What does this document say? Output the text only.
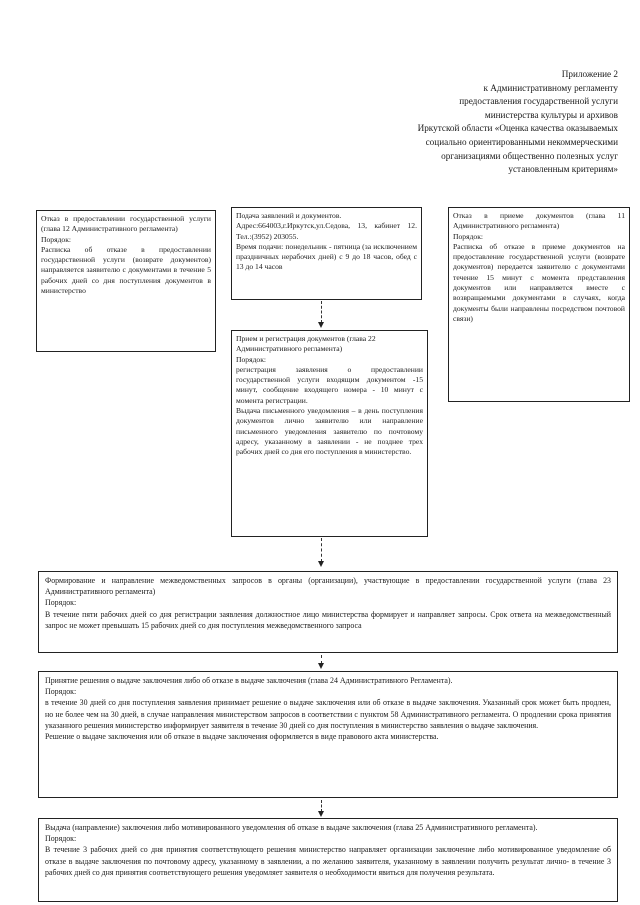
Приложение 2
к Административному регламенту
предоставления государственной услуги
министерства культуры и архивов
Иркутской области «Оценка качества оказываемых
социально ориентированными некоммерческими
организациями общественно полезных услуг
установленным критериям»

Отказ в предоставлении государственной услуги (глава 12 Административного регламента)

Порядок:

Расписка об отказе в предоставлении государственной услуги (возврате документов) направляется заявителю с документами в течение 5 рабочих дней со дня поступления документов в министерство

Подача заявлений и документов.

Адрес:664003,г.Иркутск,ул.Седова, 13, кабинет 12. Тел.:(3952) 203055.

Время подачи: понедельник - пятница (за исключением праздничных нерабочих дней) с 9 до 18 часов, обед с 13 до 14 часов

Отказ в приеме документов (глава 11 Административного регламента)

Порядок:

Расписка об отказе в приеме документов на предоставление государственной услуги (возврате документов) передается заявителю с документами течение 15 минут с момента представления документов или направляется вместе с возвращаемыми документами в случаях, когда документы были направлены посредством почтовой связи)

Прием и регистрация документов (глава 22 Административного регламента)

Порядок:

регистрация заявления о предоставлении государственной услуги входящим документом -15 минут, сообщение входящего номера - 10 минут с момента регистрации.

Выдача письменного уведомления – в день поступления документов лично заявителю или направление письменного уведомления заявителю по почтовому адресу, указанному в заявлении - не позднее трех рабочих дней со дня его поступления в министерство.

Формирование и направление межведомственных запросов в органы (организации), участвующие в предоставлении государственной услуги (глава 23 Административного регламента)

Порядок:

В течение пяти рабочих дней со дня регистрации заявления должностное лицо министерства формирует и направляет запросы. Срок ответа на межведомственный запрос не может превышать 15 рабочих дней со дня поступления межведомственного запроса

Принятие решения о выдаче заключения либо об отказе в выдаче заключения (глава 24 Административного Регламента).

Порядок:

в течение 30 дней со дня поступления заявления принимает решение о выдаче заключения или об отказе в выдаче заключения. Указанный срок может быть продлен, но не более чем на 30 дней, в случае направления министерством запросов в соответствии с пунктом 58 Административного регламента. О продлении срока принятия указанного решения министерство информирует заявителя в течение 30 дней со дня поступления в министерство заявления о выдаче заключения.

Решение о выдаче заключения или об отказе в выдаче заключения оформляется в виде правового акта министерства.

Выдача (направление) заключения либо мотивированного уведомления об отказе в выдаче заключения (глава 25 Административного регламента).

Порядок:

В течение 3 рабочих дней со дня принятия соответствующего решения министерство направляет организации заключение либо мотивированное уведомление об отказе в выдаче заключения по почтовому адресу, указанному в заявлении, а по желанию заявителя, указанному в заявлении получить результат лично- в течение 3 рабочих дней со дня принятия соответствующего решения уведомляет заявителя о необходимости явиться для получения результата.
